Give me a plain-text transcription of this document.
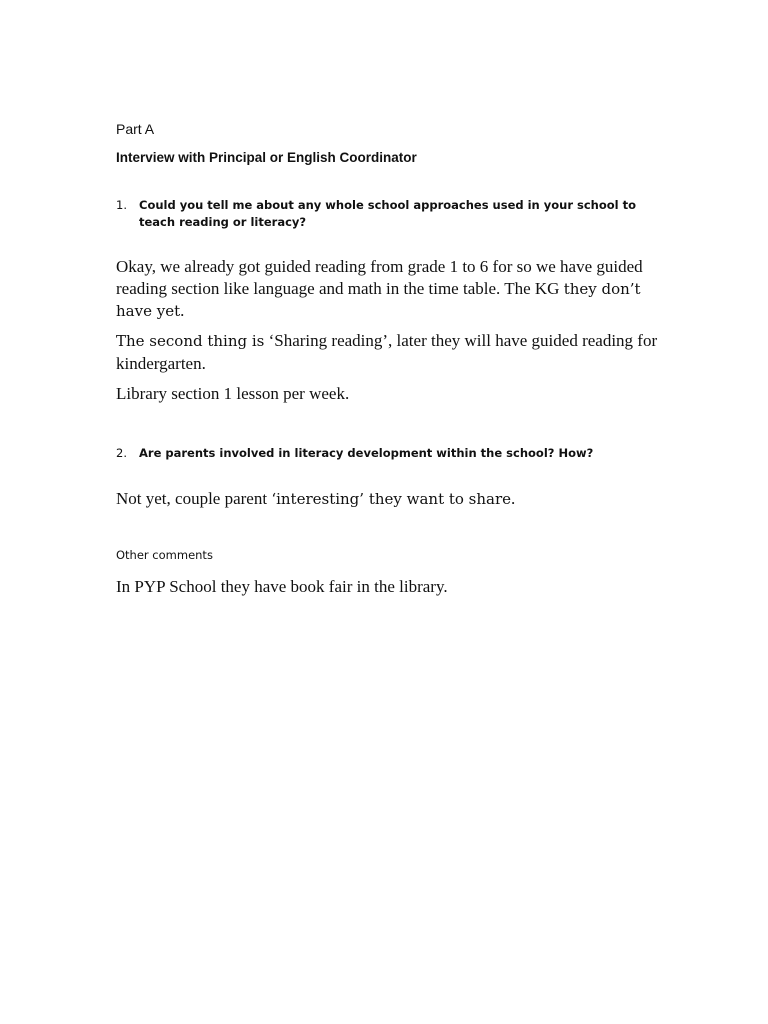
Part A
Interview with Principal or English Coordinator
1.	Could you tell me about any whole school approaches used in your school to teach reading or literacy?

Okay, we already got guided reading from grade 1 to 6 for so we have guided reading section like language and math in the time table. The KG they don’t have yet.

The second thing is ‘Sharing reading’, later they will have guided reading for kindergarten.

Library section 1 lesson per week.

2.	Are parents involved in literacy development within the school? How?

Not yet, couple parent ‘interesting’ they want to share.

Other comments

In PYP School they have book fair in the library.
